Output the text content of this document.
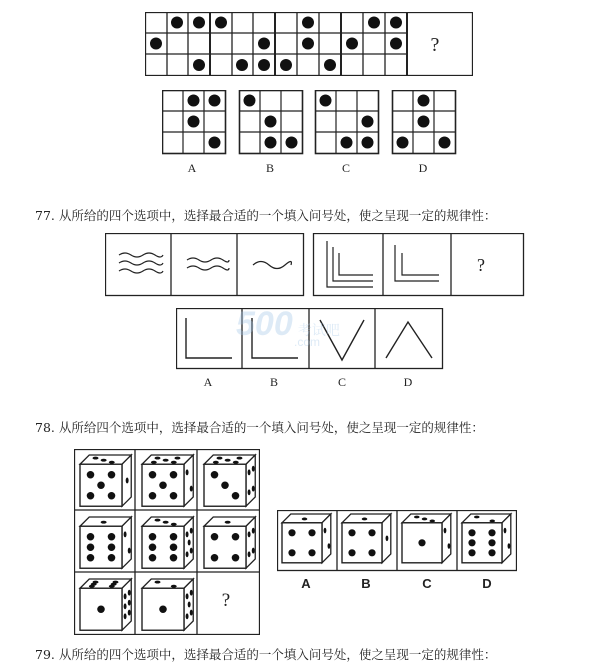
?
A	B	C	D
77. 从所给的四个选项中，选择最合适的一个填入问号处，使之呈现一定的规律性：
?
A	B	C	D
500 考试吧
.com
78. 从所给四个选项中，选择最合适的一个填入问号处，使之呈现一定的规律性：
?
A	B	C	D
79. 从所给的四个选项中，选择最合适的一个填入问号处，使之呈现一定的规律性：
